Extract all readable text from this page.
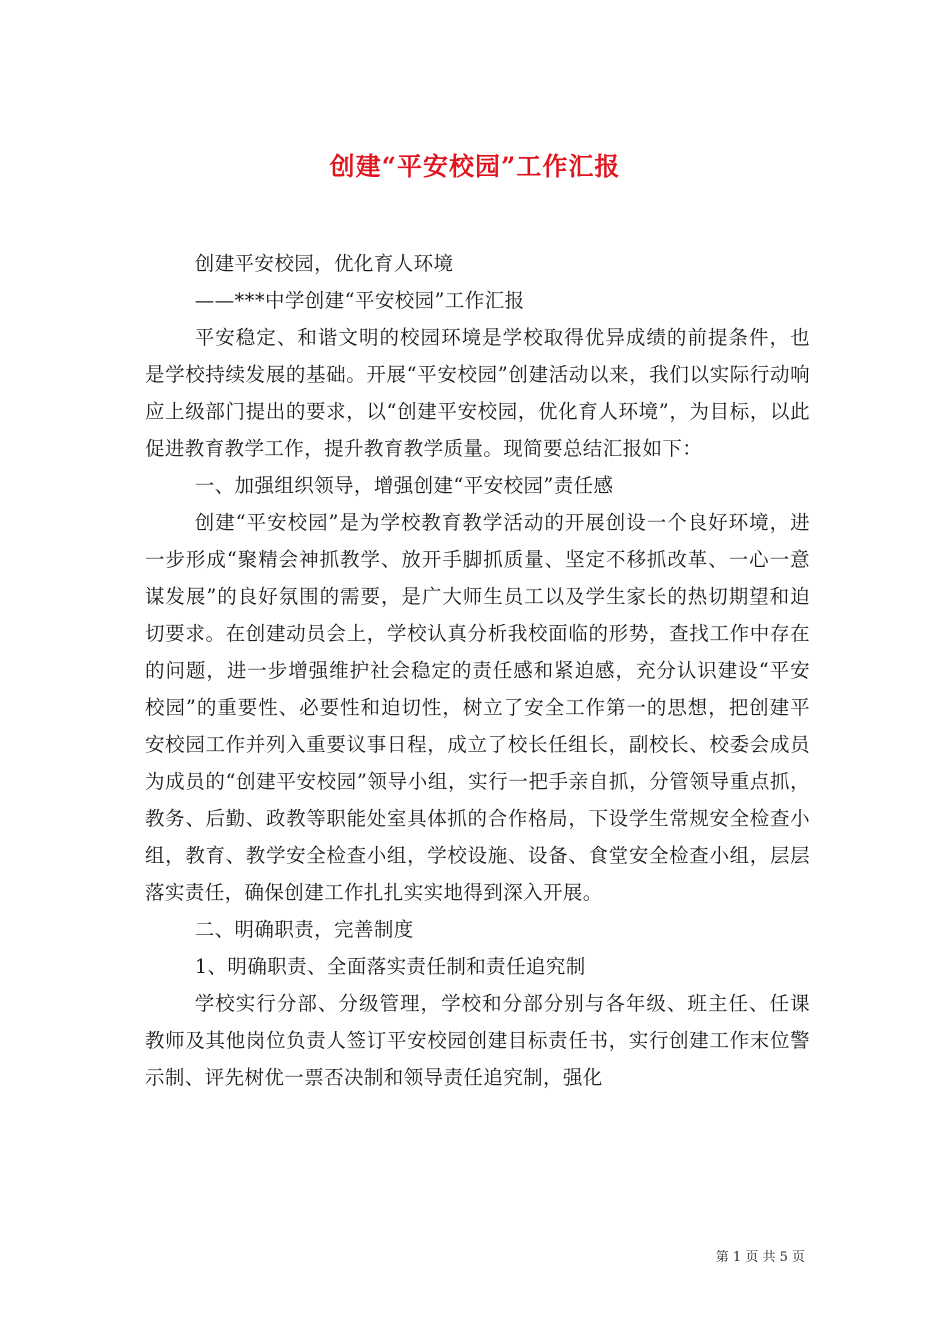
创建“平安校园”工作汇报

创建平安校园，优化育人环境

——***中学创建“平安校园”工作汇报

平安稳定、和谐文明的校园环境是学校取得优异成绩的前提条件，也是学校持续发展的基础。开展“平安校园”创建活动以来，我们以实际行动响应上级部门提出的要求，以“创建平安校园，优化育人环境”，为目标，以此促进教育教学工作，提升教育教学质量。现简要总结汇报如下：

一、加强组织领导，增强创建“平安校园”责任感

创建“平安校园”是为学校教育教学活动的开展创设一个良好环境，进一步形成“聚精会神抓教学、放开手脚抓质量、坚定不移抓改革、一心一意谋发展”的良好氛围的需要，是广大师生员工以及学生家长的热切期望和迫切要求。在创建动员会上，学校认真分析我校面临的形势，查找工作中存在的问题，进一步增强维护社会稳定的责任感和紧迫感，充分认识建设“平安校园”的重要性、必要性和迫切性，树立了安全工作第一的思想，把创建平安校园工作并列入重要议事日程，成立了校长任组长，副校长、校委会成员为成员的“创建平安校园”领导小组，实行一把手亲自抓，分管领导重点抓，教务、后勤、政教等职能处室具体抓的合作格局，下设学生常规安全检查小组，教育、教学安全检查小组，学校设施、设备、食堂安全检查小组，层层落实责任，确保创建工作扎扎实实地得到深入开展。

二、明确职责，完善制度

1、明确职责、全面落实责任制和责任追究制

学校实行分部、分级管理，学校和分部分别与各年级、班主任、任课教师及其他岗位负责人签订平安校园创建目标责任书，实行创建工作末位警示制、评先树优一票否决制和领导责任追究制，强化

第 1 页 共 5 页
